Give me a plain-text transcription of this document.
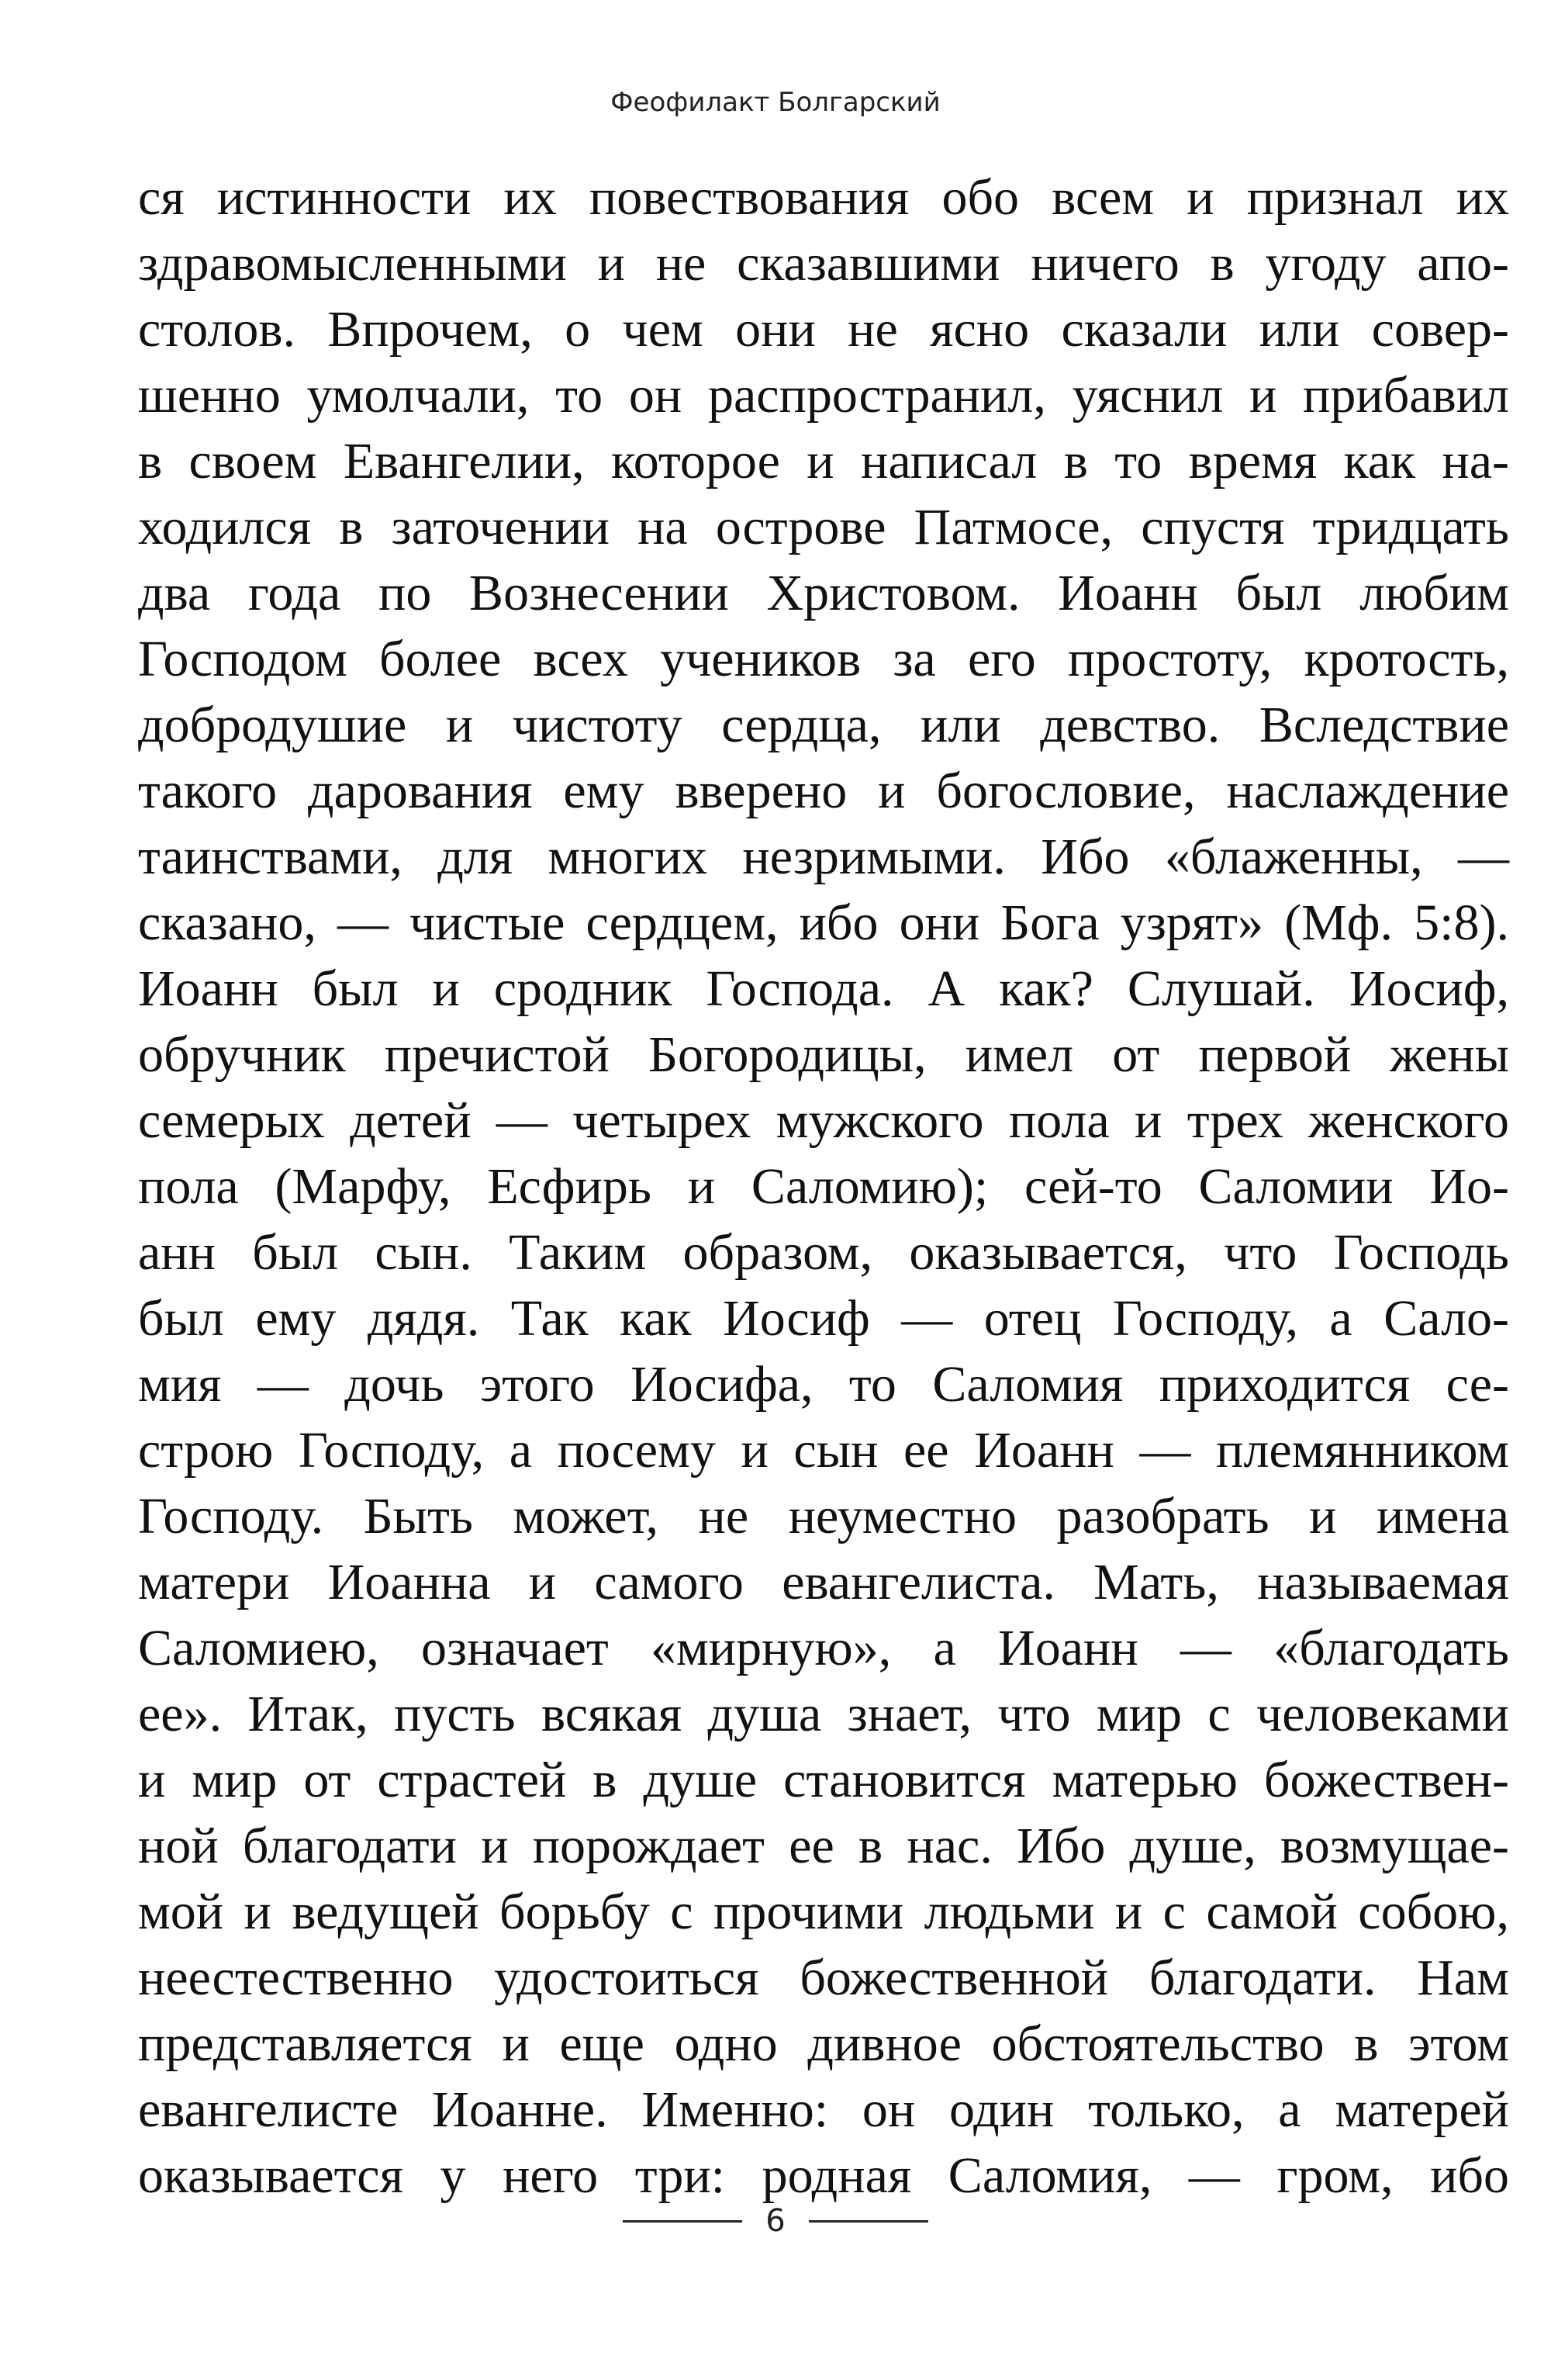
Феофилакт Болгарский
ся истинности их повествования обо всем и признал их
здравомысленными и не сказавшими ничего в угоду апо-
столов. Впрочем, о чем они не ясно сказали или совер-
шенно умолчали, то он распространил, уяснил и прибавил
в своем Евангелии, которое и написал в то время как на-
ходился в заточении на острове Патмосе, спустя тридцать
два года по Вознесении Христовом. Иоанн был любим
Господом более всех учеников за его простоту, кротость,
добродушие и чистоту сердца, или девство. Вследствие
такого дарования ему вверено и богословие, наслаждение
таинствами, для многих незримыми. Ибо «блаженны, —
сказано, — чистые сердцем, ибо они Бога узрят» (Мф. 5:8).
Иоанн был и сродник Господа. А как? Слушай. Иосиф,
обручник пречистой Богородицы, имел от первой жены
семерых детей — четырех мужского пола и трех женского
пола (Марфу, Есфирь и Саломию); сей-то Саломии Ио-
анн был сын. Таким образом, оказывается, что Господь
был ему дядя. Так как Иосиф — отец Господу, а Сало-
мия — дочь этого Иосифа, то Саломия приходится се-
строю Господу, а посему и сын ее Иоанн — племянником
Господу. Быть может, не неуместно разобрать и имена
матери Иоанна и самого евангелиста. Мать, называемая
Саломиею, означает «мирную», а Иоанн — «благодать
ее». Итак, пусть всякая душа знает, что мир с человеками
и мир от страстей в душе становится матерью божествен-
ной благодати и порождает ее в нас. Ибо душе, возмущае-
мой и ведущей борьбу с прочими людьми и с самой собою,
неестественно удостоиться божественной благодати. Нам
представляется и еще одно дивное обстоятельство в этом
евангелисте Иоанне. Именно: он один только, а матерей
оказывается у него три: родная Саломия, — гром, ибо
6
